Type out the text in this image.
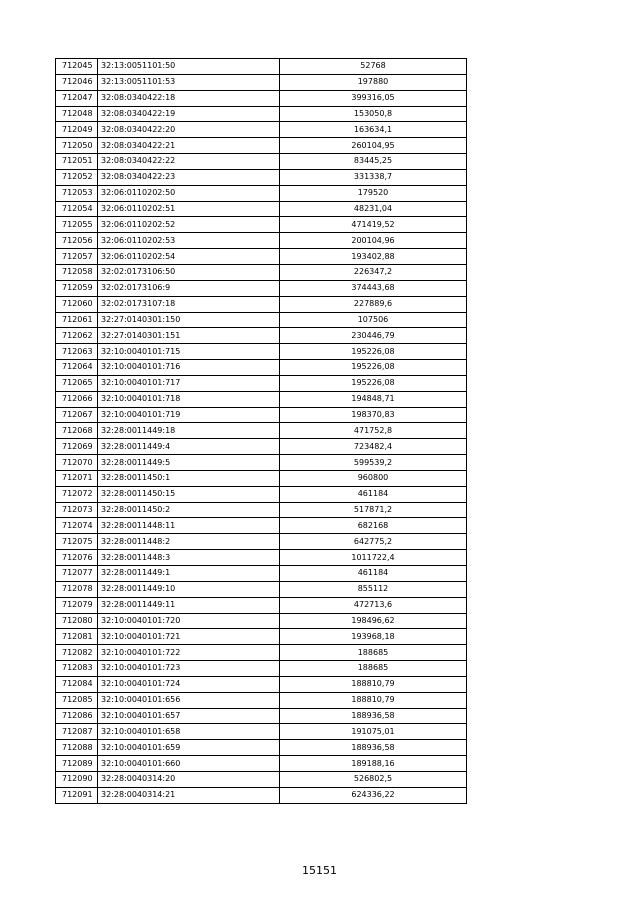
712045	32:13:0051101:50	52768
712046	32:13:0051101:53	197880
712047	32:08:0340422:18	399316,05
712048	32:08:0340422:19	153050,8
712049	32:08:0340422:20	163634,1
712050	32:08:0340422:21	260104,95
712051	32:08:0340422:22	83445,25
712052	32:08:0340422:23	331338,7
712053	32:06:0110202:50	179520
712054	32:06:0110202:51	48231,04
712055	32:06:0110202:52	471419,52
712056	32:06:0110202:53	200104,96
712057	32:06:0110202:54	193402,88
712058	32:02:0173106:50	226347,2
712059	32:02:0173106:9	374443,68
712060	32:02:0173107:18	227889,6
712061	32:27:0140301:150	107506
712062	32:27:0140301:151	230446,79
712063	32:10:0040101:715	195226,08
712064	32:10:0040101:716	195226,08
712065	32:10:0040101:717	195226,08
712066	32:10:0040101:718	194848,71
712067	32:10:0040101:719	198370,83
712068	32:28:0011449:18	471752,8
712069	32:28:0011449:4	723482,4
712070	32:28:0011449:5	599539,2
712071	32:28:0011450:1	960800
712072	32:28:0011450:15	461184
712073	32:28:0011450:2	517871,2
712074	32:28:0011448:11	682168
712075	32:28:0011448:2	642775,2
712076	32:28:0011448:3	1011722,4
712077	32:28:0011449:1	461184
712078	32:28:0011449:10	855112
712079	32:28:0011449:11	472713,6
712080	32:10:0040101:720	198496,62
712081	32:10:0040101:721	193968,18
712082	32:10:0040101:722	188685
712083	32:10:0040101:723	188685
712084	32:10:0040101:724	188810,79
712085	32:10:0040101:656	188810,79
712086	32:10:0040101:657	188936,58
712087	32:10:0040101:658	191075,01
712088	32:10:0040101:659	188936,58
712089	32:10:0040101:660	189188,16
712090	32:28:0040314:20	526802,5
712091	32:28:0040314:21	624336,22
15151
